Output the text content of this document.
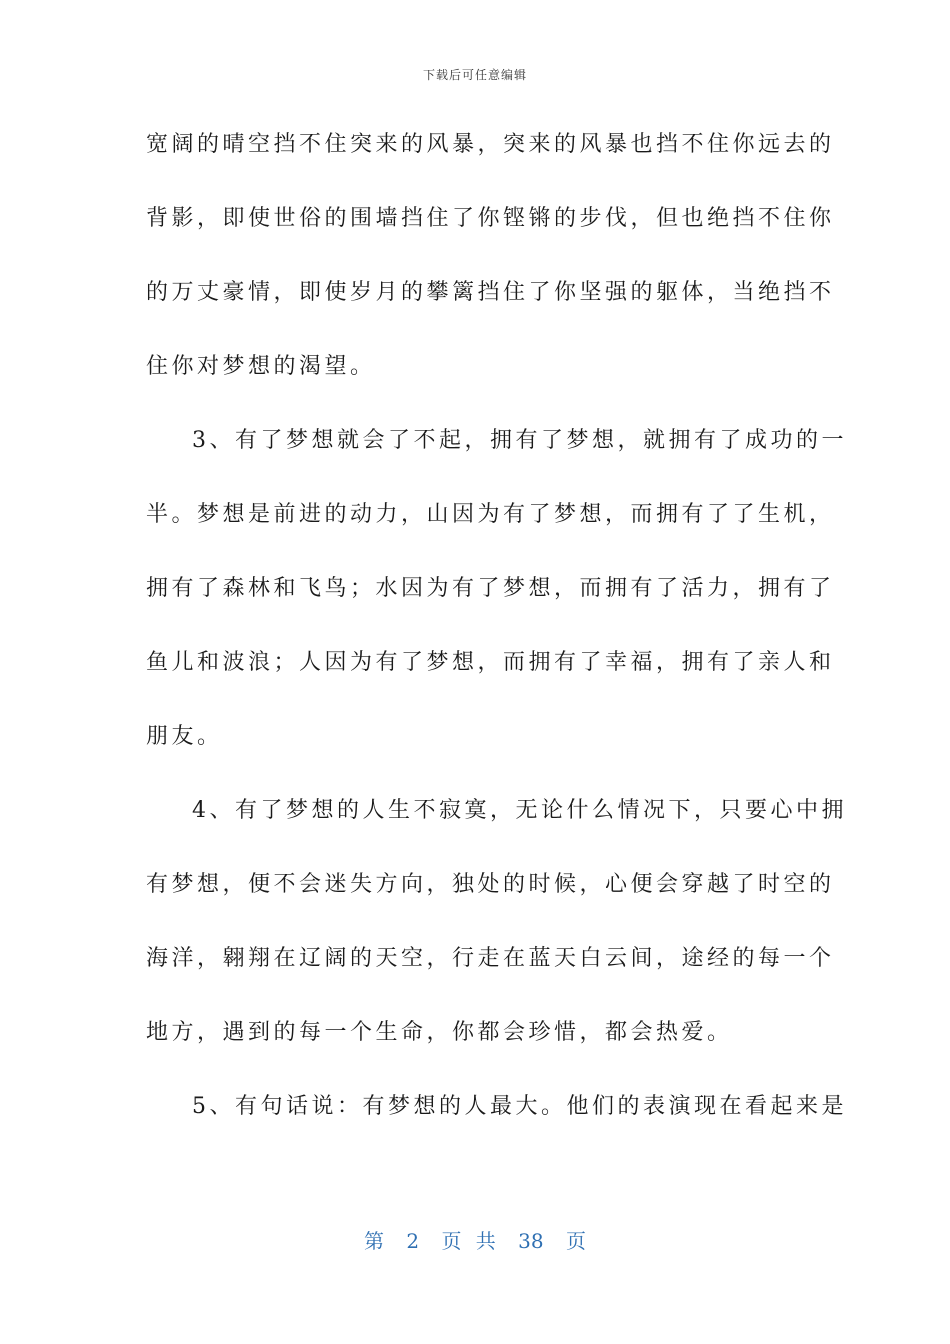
下载后可任意编辑
宽阔的晴空挡不住突来的风暴，突来的风暴也挡不住你远去的
背影，即使世俗的围墙挡住了你铿锵的步伐，但也绝挡不住你
的万丈豪情，即使岁月的攀篱挡住了你坚强的躯体，当绝挡不
住你对梦想的渴望。
3、有了梦想就会了不起，拥有了梦想，就拥有了成功的一
半。梦想是前进的动力，山因为有了梦想，而拥有了了生机，
拥有了森林和飞鸟；水因为有了梦想，而拥有了活力，拥有了
鱼儿和波浪；人因为有了梦想，而拥有了幸福，拥有了亲人和
朋友。
4、有了梦想的人生不寂寞，无论什么情况下，只要心中拥
有梦想，便不会迷失方向，独处的时候，心便会穿越了时空的
海洋，翱翔在辽阔的天空，行走在蓝天白云间，途经的每一个
地方，遇到的每一个生命，你都会珍惜，都会热爱。
5、有句话说：有梦想的人最大。他们的表演现在看起来是
第 2 页 共 38 页
